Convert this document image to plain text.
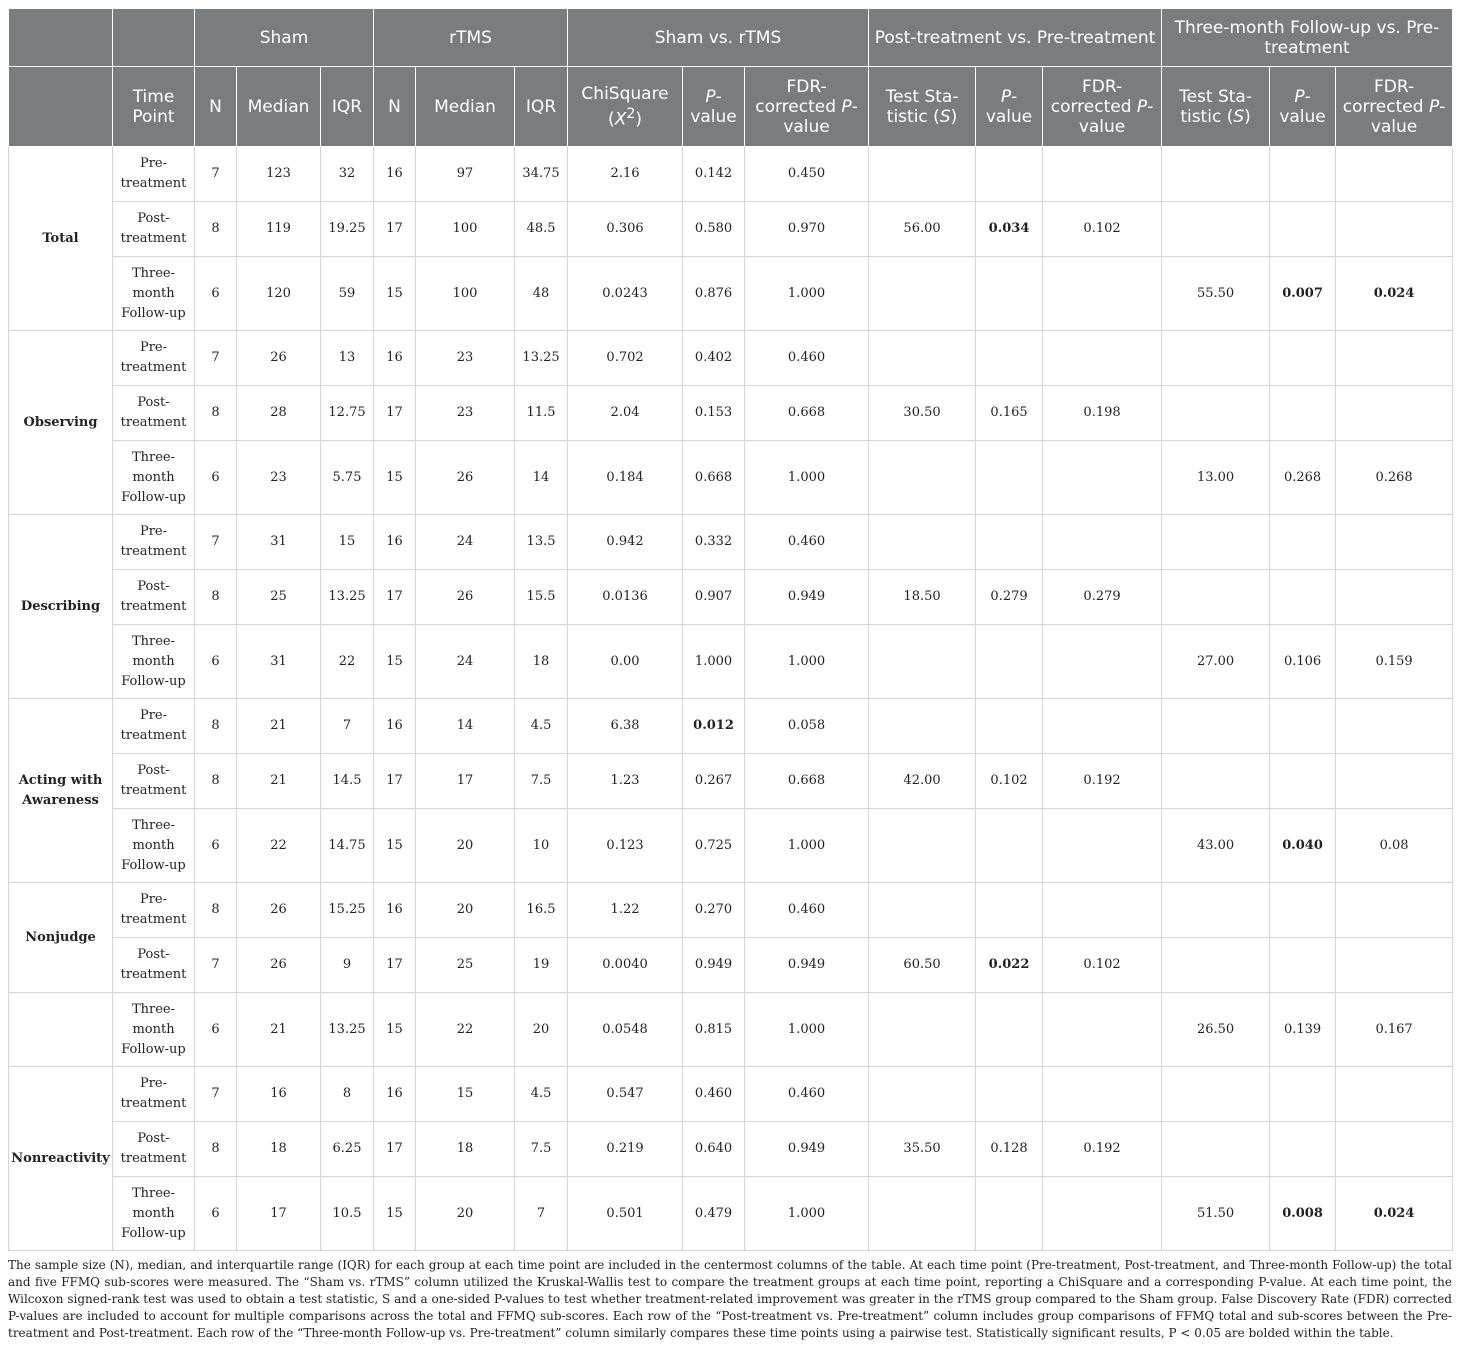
		Sham			rTMS			Sham vs. rTMS			Post-treatment vs. Pre-treatment			Three-month Follow-up vs. Pre-treatment		
	Time Point	N	Median	IQR	N	Median	IQR	ChiSquare $(X^2)$	P-value	FDR-corrected P-value	Test Sta-tistic (S)	P-value	FDR-corrected P-value	Test Sta-tistic (S)	P-value	FDR-corrected P-value
Total	Pre-treatment	7	123	32	16	97	34.75	2.16	0.142	0.450						
	Post-treatment	8	119	19.25	17	100	48.5	0.306	0.580	0.970	56.00	0.034	0.102			
	Three-month Follow-up	6	120	59	15	100	48	0.0243	0.876	1.000				55.50	0.007	0.024
Observing	Pre-treatment	7	26	13	16	23	13.25	0.702	0.402	0.460						
	Post-treatment	8	28	12.75	17	23	11.5	2.04	0.153	0.668	30.50	0.165	0.198			
	Three-month Follow-up	6	23	5.75	15	26	14	0.184	0.668	1.000				13.00	0.268	0.268
Describing	Pre-treatment	7	31	15	16	24	13.5	0.942	0.332	0.460						
	Post-treatment	8	25	13.25	17	26	15.5	0.0136	0.907	0.949	18.50	0.279	0.279			
	Three-month Follow-up	6	31	22	15	24	18	0.00	1.000	1.000				27.00	0.106	0.159
Acting with Awareness	Pre-treatment	8	21	7	16	14	4.5	6.38	0.012	0.058						
	Post-treatment	8	21	14.5	17	17	7.5	1.23	0.267	0.668	42.00	0.102	0.192			
	Three-month Follow-up	6	22	14.75	15	20	10	0.123	0.725	1.000				43.00	0.040	0.08
Nonjudge	Pre-treatment	8	26	15.25	16	20	16.5	1.22	0.270	0.460						
	Post-treatment	7	26	9	17	25	19	0.0040	0.949	0.949	60.50	0.022	0.102			
	Three-month Follow-up	6	21	13.25	15	22	20	0.0548	0.815	1.000				26.50	0.139	0.167
Nonreactivity	Pre-treatment	7	16	8	16	15	4.5	0.547	0.460	0.460						
	Post-treatment	8	18	6.25	17	18	7.5	0.219	0.640	0.949	35.50	0.128	0.192			
	Three-month Follow-up	6	17	10.5	15	20	7	0.501	0.479	1.000				51.50	0.008	0.024
The sample size (N), median, and interquartile range (IQR) for each group at each time point are included in the centermost columns of the table. At each time point (Pre-treatment, Post-treatment, and Three-month Follow-up) the total and five FFMQ sub-scores were measured. The “Sham vs. rTMS” column utilized the Kruskal-Wallis test to compare the treatment groups at each time point, reporting a ChiSquare and a corresponding P-value. At each time point, the Wilcoxon signed-rank test was used to obtain a test statistic, S and a one-sided P-values to test whether treatment-related improvement was greater in the rTMS group compared to the Sham group. False Discovery Rate (FDR) corrected P-values are included to account for multiple comparisons across the total and FFMQ sub-scores. Each row of the “Post-treatment vs. Pre-treatment” column includes group comparisons of FFMQ total and sub-scores between the Pre-treatment and Post-treatment. Each row of the “Three-month Follow-up vs. Pre-treatment” column similarly compares these time points using a pairwise test. Statistically significant results, P < 0.05 are bolded within the table.
